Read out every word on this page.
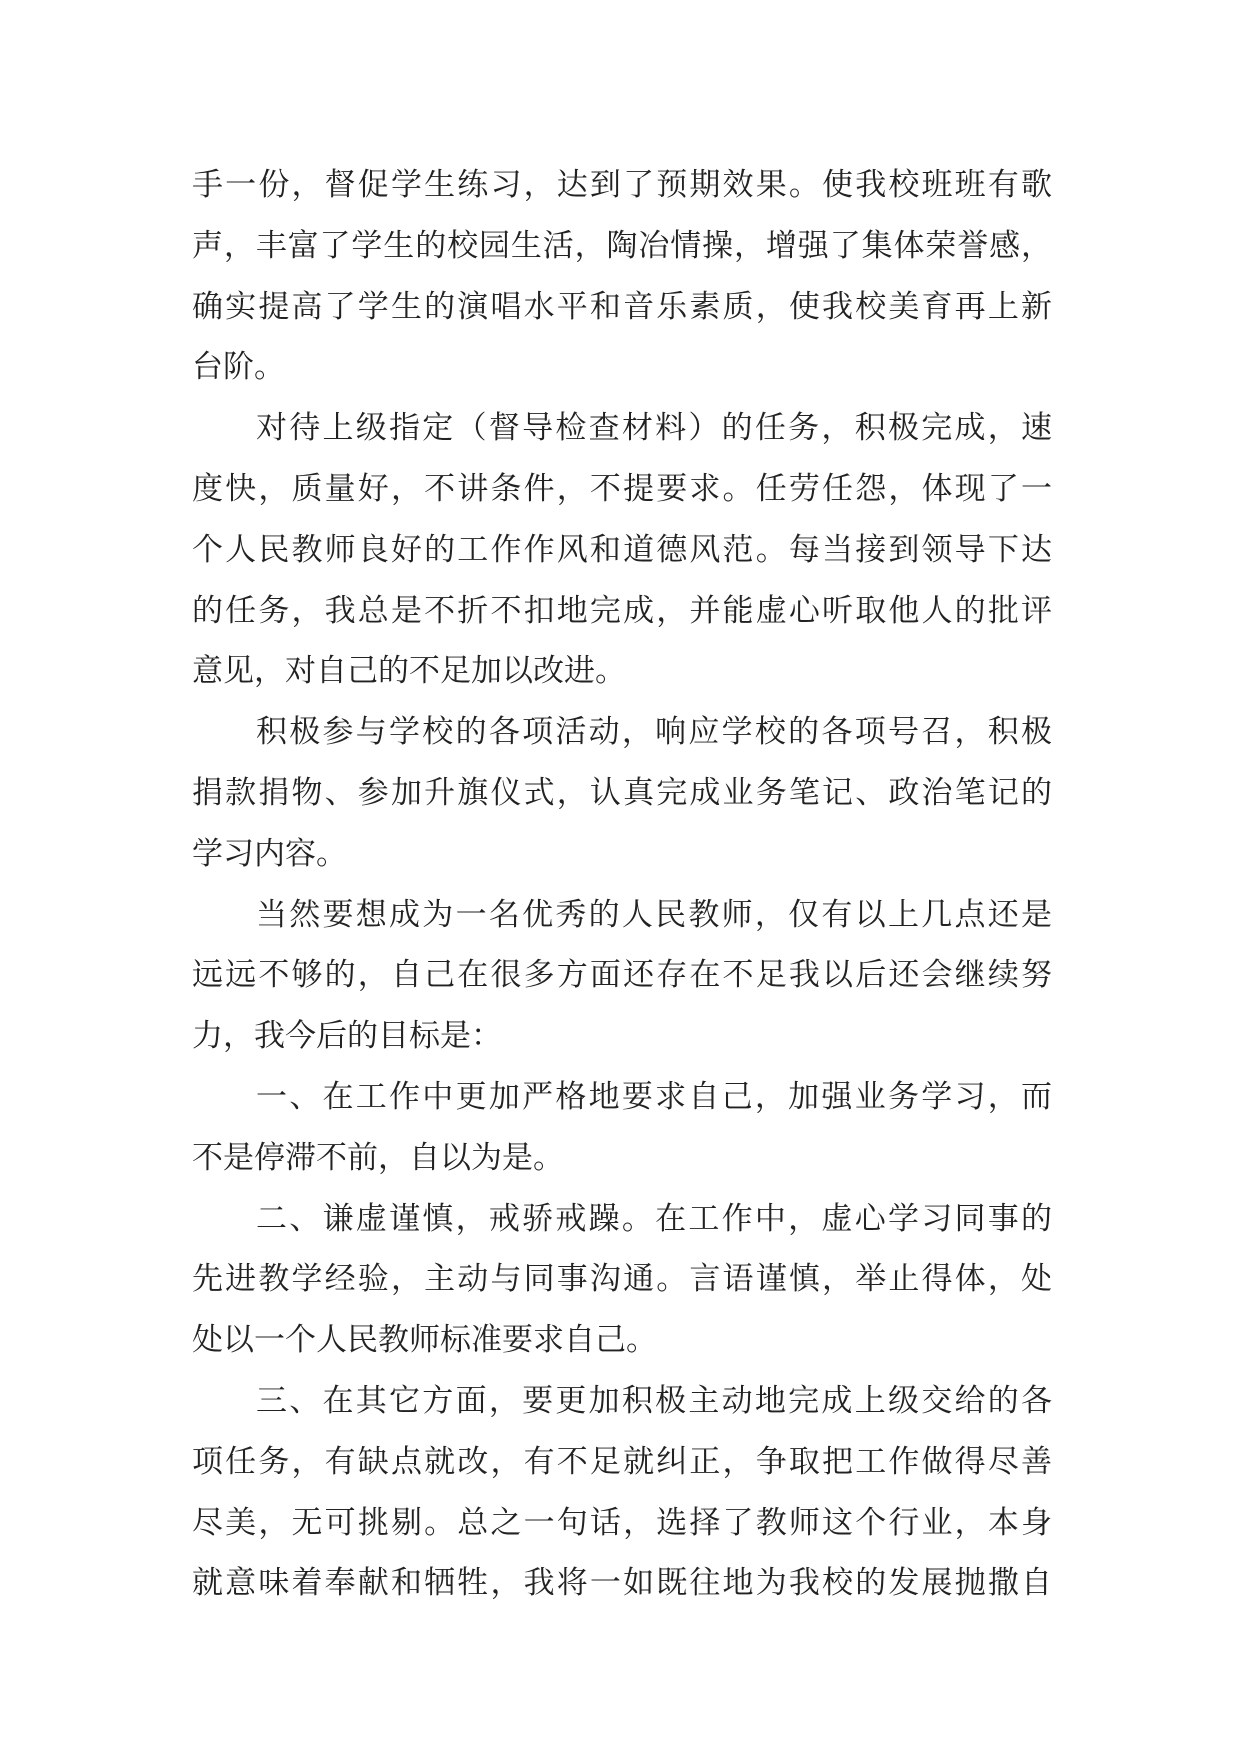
手一份，督促学生练习，达到了预期效果。使我校班班有歌
声，丰富了学生的校园生活，陶冶情操，增强了集体荣誉感，
确实提高了学生的演唱水平和音乐素质，使我校美育再上新
台阶。
对待上级指定（督导检查材料）的任务，积极完成，速
度快，质量好，不讲条件，不提要求。任劳任怨，体现了一
个人民教师良好的工作作风和道德风范。每当接到领导下达
的任务，我总是不折不扣地完成，并能虚心听取他人的批评
意见，对自己的不足加以改进。
积极参与学校的各项活动，响应学校的各项号召，积极
捐款捐物、参加升旗仪式，认真完成业务笔记、政治笔记的
学习内容。
当然要想成为一名优秀的人民教师，仅有以上几点还是
远远不够的，自己在很多方面还存在不足我以后还会继续努
力，我今后的目标是：
一、在工作中更加严格地要求自己，加强业务学习，而
不是停滞不前，自以为是。
二、谦虚谨慎，戒骄戒躁。在工作中，虚心学习同事的
先进教学经验，主动与同事沟通。言语谨慎，举止得体，处
处以一个人民教师标准要求自己。
三、在其它方面，要更加积极主动地完成上级交给的各
项任务，有缺点就改，有不足就纠正，争取把工作做得尽善
尽美，无可挑剔。总之一句话，选择了教师这个行业，本身
就意味着奉献和牺牲，我将一如既往地为我校的发展抛撒自
